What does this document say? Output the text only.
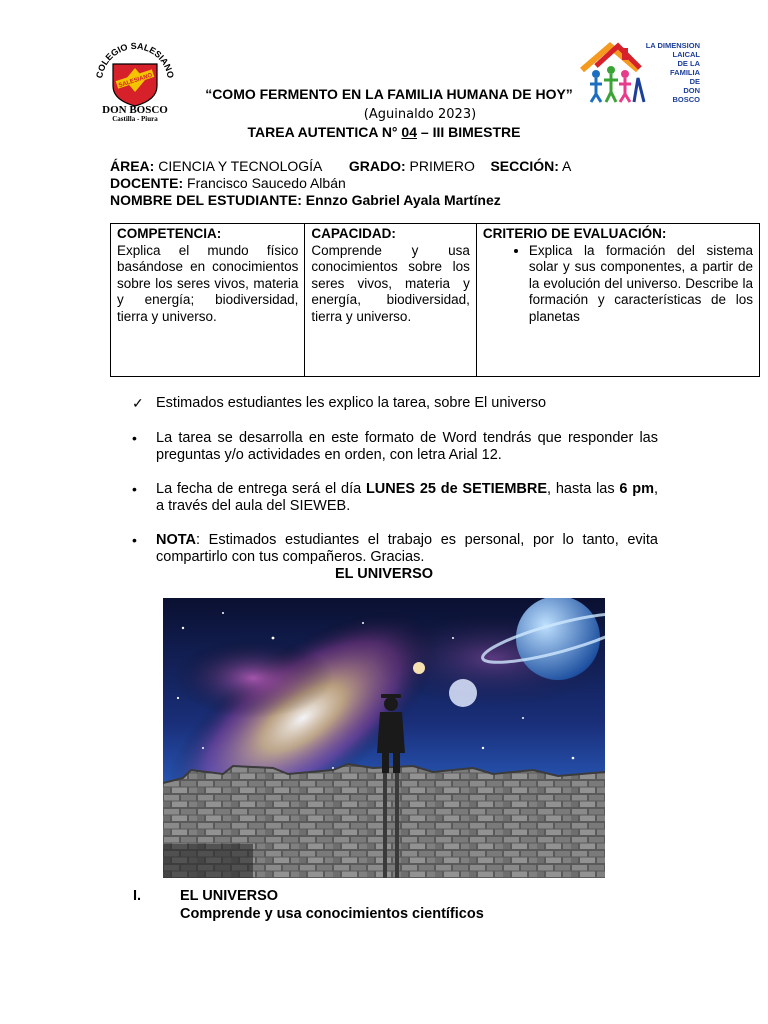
COLEGIO SALESIANO
SALESIANO
DON BOSCO
Castilla - Piura
LA DIMENSION
LAICAL
DE LA
FAMILIA
DE
DON
BOSCO
“COMO FERMENTO EN LA FAMILIA HUMANA DE HOY”
(Aguinaldo 2023)
TAREA AUTENTICA N° 04 – III BIMESTRE
ÁREA: CIENCIA Y TECNOLOGÍA GRADO: PRIMERO SECCIÓN: A
DOCENTE: Francisco Saucedo Albán
NOMBRE DEL ESTUDIANTE: Ennzo Gabriel Ayala Martínez
COMPETENCIA:
Explica el mundo físico basándose en conocimientos sobre los seres vivos, materia y energía; biodiversidad, tierra y universo.
CAPACIDAD:
Comprende y usa conocimientos sobre los seres vivos, materia y energía, biodiversidad, tierra y universo.
CRITERIO DE EVALUACIÓN:
• Explica la formación del sistema solar y sus componentes, a partir de la evolución del universo. Describe la formación y características de los planetas
✓ Estimados estudiantes les explico la tarea, sobre El universo
• La tarea se desarrolla en este formato de Word tendrás que responder las preguntas y/o actividades en orden, con letra Arial 12.
• La fecha de entrega será el día LUNES 25 de SETIEMBRE, hasta las 6 pm, a través del aula del SIEWEB.
• NOTA: Estimados estudiantes el trabajo es personal, por lo tanto, evita compartirlo con tus compañeros. Gracias.
EL UNIVERSO
I.	EL UNIVERSO
Comprende y usa conocimientos científicos
